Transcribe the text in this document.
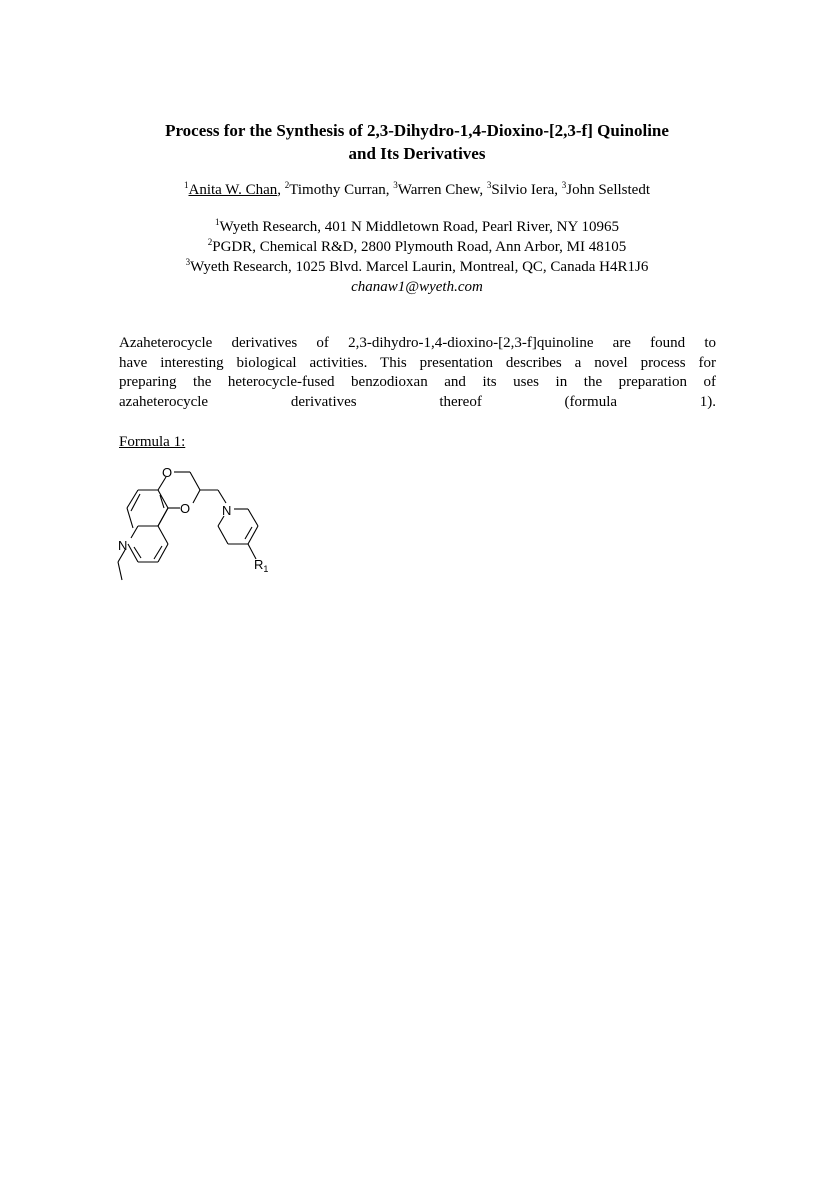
Process for the Synthesis of 2,3-Dihydro-1,4-Dioxino-[2,3-f] Quinoline
and Its Derivatives
$^1$Anita W. Chan, $^2$Timothy Curran, $^3$Warren Chew, $^3$Silvio Iera, $^3$John Sellstedt
$^1$Wyeth Research, 401 N Middletown Road, Pearl River, NY 10965
$^2$PGDR, Chemical R&D, 2800 Plymouth Road, Ann Arbor, MI 48105
$^3$Wyeth Research, 1025 Blvd. Marcel Laurin, Montreal, QC, Canada H4R1J6
chanaw1@wyeth.com
Azaheterocycle derivatives of 2,3-dihydro-1,4-dioxino-[2,3-f]quinoline are found to
have interesting biological activities. This presentation describes a novel process for
preparing the heterocycle-fused benzodioxan and its uses in the preparation of
azaheterocycle derivatives thereof (formula 1).
Formula 1:
O
O
N
N
$R_1$
